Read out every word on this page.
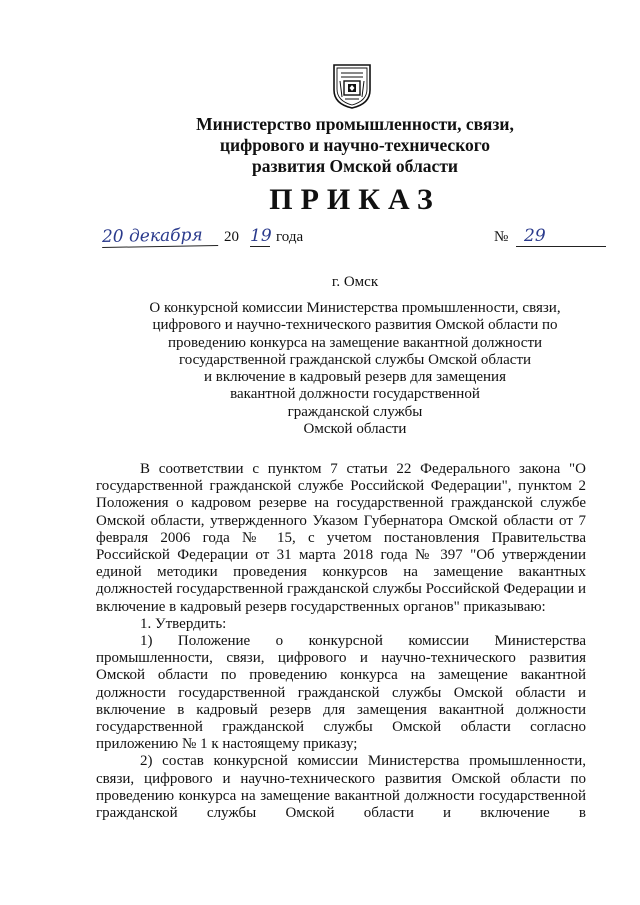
Министерство промышленности, связи,
цифрового и научно-технического
развития Омской области
ПРИКАЗ
20 декабря	20 19 года	№ 29
г. Омск
О конкурсной комиссии Министерства промышленности, связи,
цифрового и научно-технического развития Омской области по
проведению конкурса на замещение вакантной должности
государственной гражданской службы Омской области
и включение в кадровый резерв для замещения
вакантной должности государственной
гражданской службы
Омской области

В соответствии с пунктом 7 статьи 22 Федерального закона "О государственной гражданской службе Российской Федерации", пунктом 2 Положения о кадровом резерве на государственной гражданской службе Омской области, утвержденного Указом Губернатора Омской области от 7 февраля 2006 года № 15, с учетом постановления Правительства Российской Федерации от 31 марта 2018 года № 397 "Об утверждении единой методики проведения конкурсов на замещение вакантных должностей государственной гражданской службы Российской Федерации и включение в кадровый резерв государственных органов" приказываю:

1. Утвердить:

1) Положение о конкурсной комиссии Министерства промышленности, связи, цифрового и научно-технического развития Омской области по проведению конкурса на замещение вакантной должности государственной гражданской службы Омской области и включение в кадровый резерв для замещения вакантной должности государственной гражданской службы Омской области согласно приложению № 1 к настоящему приказу;

2) состав конкурсной комиссии Министерства промышленности, связи, цифрового и научно-технического развития Омской области по проведению конкурса на замещение вакантной должности государственной гражданской службы Омской области и включение в
